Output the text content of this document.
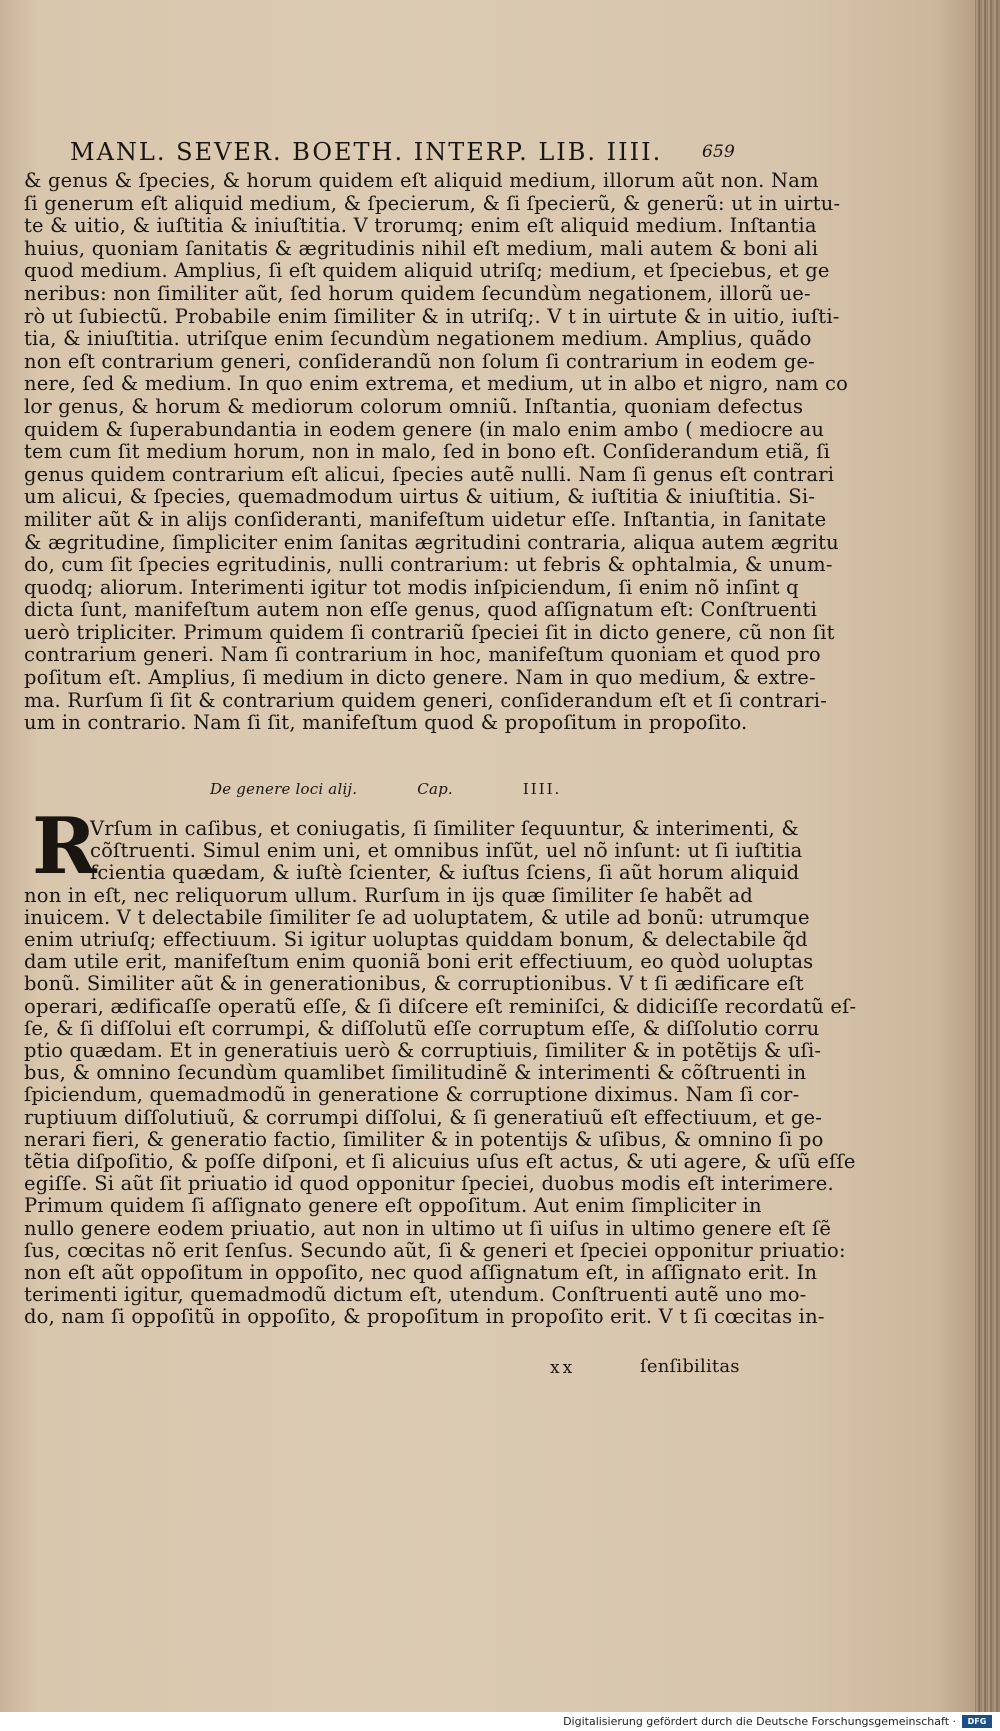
MANL. SEVER. BOETH. INTERP. LIB. IIII.	659

& genus & ſpecies, & horum quidem eſt aliquid medium, illorum aũt non. Nam

ſi generum eſt aliquid medium, & ſpecierum, & ſi ſpecierũ, & generũ: ut in uirtu-

te & uitio, & iuſtitia & iniuſtitia. V trorumq; enim eſt aliquid medium. Inſtantia

huius, quoniam ſanitatis & ægritudinis nihil eſt medium, mali autem & boni ali

quod medium. Amplius, ſi eſt quidem aliquid utriſq; medium, et ſpeciebus, et ge

neribus: non ſimiliter aũt, ſed horum quidem ſecundùm negationem, illorũ ue-

rò ut ſubiectũ. Probabile enim ſimiliter & in utriſq;. V t in uirtute & in uitio, iuſti-

tia, & iniuſtitia. utriſque enim ſecundùm negationem medium. Amplius, quãdo

non eſt contrarium generi, conſiderandũ non ſolum ſi contrarium in eodem ge-

nere, ſed & medium. In quo enim extrema, et medium, ut in albo et nigro, nam co

lor genus, & horum & mediorum colorum omniũ. Inſtantia, quoniam defectus

quidem & ſuperabundantia in eodem genere (in malo enim ambo ( mediocre au

tem cum ſit medium horum, non in malo, ſed in bono eſt. Conſiderandum etiã, ſi

genus quidem contrarium eſt alicui, ſpecies autẽ nulli. Nam ſi genus eſt contrari

um alicui, & ſpecies, quemadmodum uirtus & uitium, & iuſtitia & iniuſtitia. Si-

militer aũt & in alijs conſideranti, manifeſtum uidetur eſſe. Inſtantia, in ſanitate

& ægritudine, ſimpliciter enim ſanitas ægritudini contraria, aliqua autem ægritu

do, cum ſit ſpecies egritudinis, nulli contrarium: ut febris & ophtalmia, & unum-

quodq; aliorum. Interimenti igitur tot modis inſpiciendum, ſi enim nõ inſint q

dicta ſunt, manifeſtum autem non eſſe genus, quod aſſignatum eſt: Conſtruenti

uerò tripliciter. Primum quidem ſi contrariũ ſpeciei ſit in dicto genere, cũ non ſit

contrarium generi. Nam ſi contrarium in hoc, manifeſtum quoniam et quod pro

poſitum eſt. Amplius, ſi medium in dicto genere. Nam in quo medium, & extre-

ma. Rurſum ſi ſit & contrarium quidem generi, conſiderandum eſt et ſi contrari-

um in contrario. Nam ſi ſit, manifeſtum quod & propoſitum in propoſito.

De genere loci alij.	Cap.	IIII.
R

Vrſum in caſibus, et coniugatis, ſi ſimiliter ſequuntur, & interimenti, &

cõſtruenti. Simul enim uni, et omnibus inſũt, uel nõ inſunt: ut ſi iuſtitia

ſcientia quædam, & iuſtè ſcienter, & iuſtus ſciens, ſi aũt horum aliquid

non in eſt, nec reliquorum ullum. Rurſum in ijs quæ ſimiliter ſe habẽt ad

inuicem. V t delectabile ſimiliter ſe ad uoluptatem, & utile ad bonũ: utrumque

enim utriuſq; effectiuum. Si igitur uoluptas quiddam bonum, & delectabile q̃d

dam utile erit, manifeſtum enim quoniã boni erit effectiuum, eo quòd uoluptas

bonũ. Similiter aũt & in generationibus, & corruptionibus. V t ſi ædificare eſt

operari, ædificaſſe operatũ eſſe, & ſi diſcere eſt reminiſci, & didiciſſe recordatũ eſ-

ſe, & ſi diſſolui eſt corrumpi, & diſſolutũ eſſe corruptum eſſe, & diſſolutio corru

ptio quædam. Et in generatiuis uerò & corruptiuis, ſimiliter & in potẽtijs & uſi-

bus, & omnino ſecundùm quamlibet ſimilitudinẽ & interimenti & cõſtruenti in

ſpiciendum, quemadmodũ in generatione & corruptione diximus. Nam ſi cor-

ruptiuum diſſolutiuũ, & corrumpi diſſolui, & ſi generatiuũ eſt effectiuum, et ge-

nerari fieri, & generatio factio, ſimiliter & in potentijs & uſibus, & omnino ſi po

tẽtia diſpoſitio, & poſſe diſponi, et ſi alicuius uſus eſt actus, & uti agere, & uſũ eſſe

egiſſe. Si aũt ſit priuatio id quod opponitur ſpeciei, duobus modis eſt interimere.

Primum quidem ſi aſſignato genere eſt oppoſitum. Aut enim ſimpliciter in

nullo genere eodem priuatio, aut non in ultimo ut ſi uiſus in ultimo genere eſt ſẽ

ſus, cœcitas nõ erit ſenſus. Secundo aũt, ſi & generi et ſpeciei opponitur priuatio:

non eſt aũt oppoſitum in oppoſito, nec quod aſſignatum eſt, in aſſignato erit. In

terimenti igitur, quemadmodũ dictum eſt, utendum. Conſtruenti autẽ uno mo-

do, nam ſi oppoſitũ in oppoſito, & propoſitum in propoſito erit. V t ſi cœcitas in-

xx	ſenſibilitas
Digitalisierung gefördert durch die Deutsche Forschungsgemeinschaft ·	DFG
